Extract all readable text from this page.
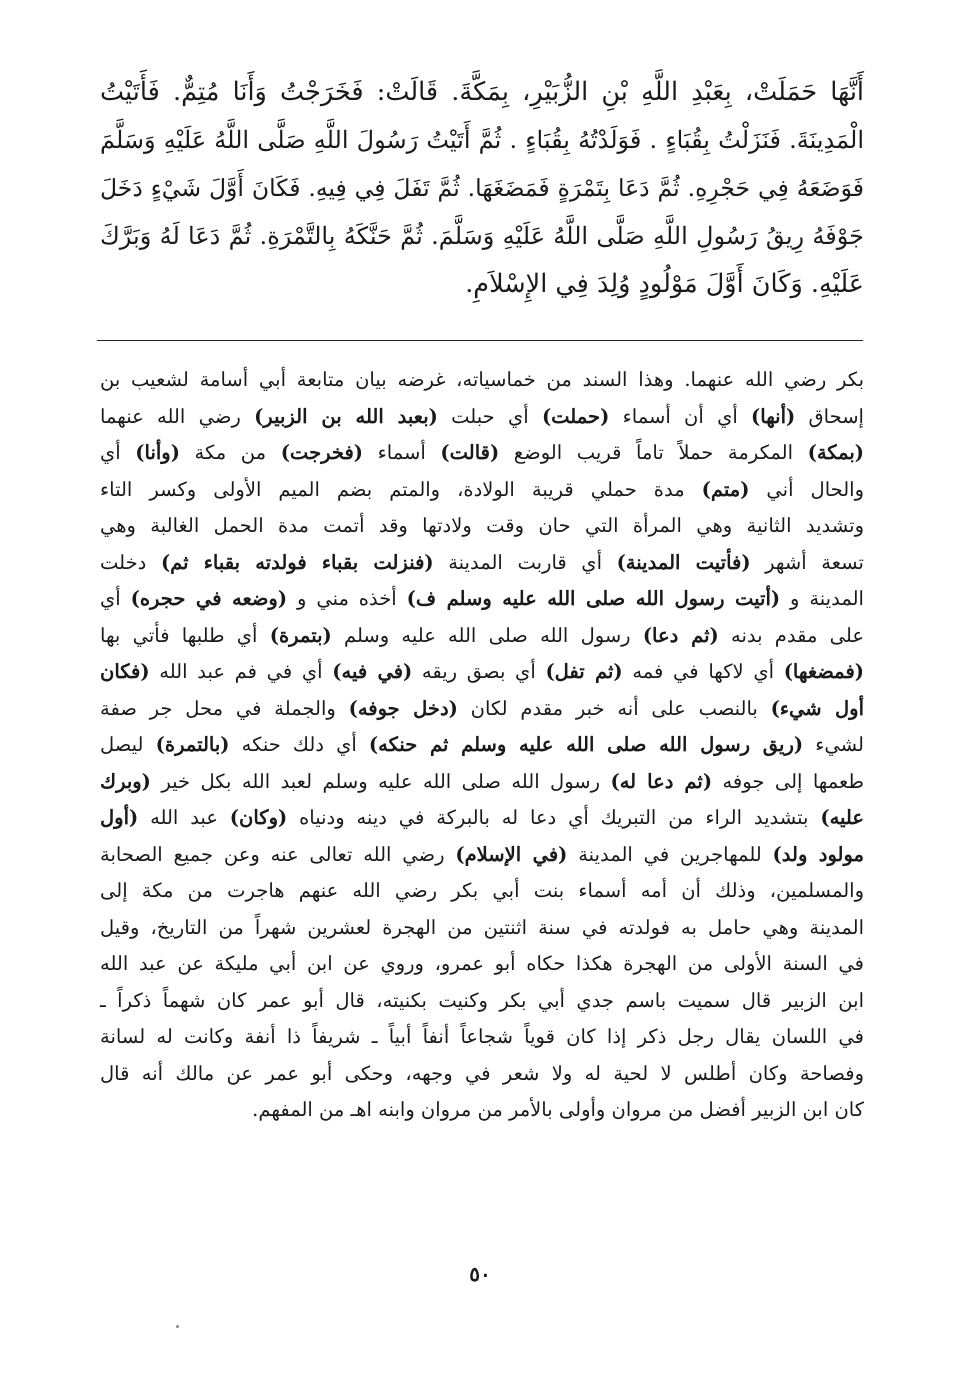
أَنَّهَا حَمَلَتْ، بِعَبْدِ اللَّهِ بْنِ الزُّبَيْرِ، بِمَكَّةَ. قَالَتْ: فَخَرَجْتُ وَأَنَا مُتِمٌّ. فَأَتَيْتُ
الْمَدِينَةَ. فَنَزَلْتُ بِقُبَاءٍ . فَوَلَدْتُهُ بِقُبَاءٍ . ثُمَّ أَتَيْتُ رَسُولَ اللَّهِ صَلَّى اللَّهُ عَلَيْهِ وَسَلَّمَ
فَوَضَعَهُ فِي حَجْرِهِ. ثُمَّ دَعَا بِتَمْرَةٍ فَمَضَغَهَا. ثُمَّ تَفَلَ فِي فِيهِ. فَكَانَ أَوَّلَ شَيْءٍ دَخَلَ
جَوْفَهُ رِيقُ رَسُولِ اللَّهِ صَلَّى اللَّهُ عَلَيْهِ وَسَلَّمَ. ثُمَّ حَنَّكَهُ بِالتَّمْرَةِ. ثُمَّ دَعَا لَهُ وَبَرَّكَ
عَلَيْهِ. وَكَانَ أَوَّلَ مَوْلُودٍ وُلِدَ فِي الإِسْلاَمِ.
بكر رضي الله عنهما. وهذا السند من خماسياته، غرضه بيان متابعة أبي أسامة لشعيب بن
إسحاق (أنها) أي أن أسماء (حملت) أي حبلت (بعبد الله بن الزبير) رضي الله عنهما
(بمكة) المكرمة حملاً تاماً قريب الوضع (قالت) أسماء (فخرجت) من مكة (وأنا) أي
والحال أني (متم) مدة حملي قريبة الولادة، والمتم بضم الميم الأولى وكسر التاء
وتشديد الثانية وهي المرأة التي حان وقت ولادتها وقد أتمت مدة الحمل الغالبة وهي
تسعة أشهر (فأتيت المدينة) أي قاربت المدينة (فنزلت بقباء فولدته بقباء ثم) دخلت
المدينة و (أتيت رسول الله صلى الله عليه وسلم ف) أخذه مني و (وضعه في حجره) أي
على مقدم بدنه (ثم دعا) رسول الله صلى الله عليه وسلم (بتمرة) أي طلبها فأتي بها
(فمضغها) أي لاكها في فمه (ثم تفل) أي بصق ريقه (في فيه) أي في فم عبد الله (فكان
أول شيء) بالنصب على أنه خبر مقدم لكان (دخل جوفه) والجملة في محل جر صفة
لشيء (ريق رسول الله صلى الله عليه وسلم ثم حنكه) أي دلك حنكه (بالتمرة) ليصل
طعمها إلى جوفه (ثم دعا له) رسول الله صلى الله عليه وسلم لعبد الله بكل خير (وبرك
عليه) بتشديد الراء من التبريك أي دعا له بالبركة في دينه ودنياه (وكان) عبد الله (أول
مولود ولد) للمهاجرين في المدينة (في الإسلام) رضي الله تعالى عنه وعن جميع الصحابة
والمسلمين، وذلك أن أمه أسماء بنت أبي بكر رضي الله عنهم هاجرت من مكة إلى
المدينة وهي حامل به فولدته في سنة اثنتين من الهجرة لعشرين شهراً من التاريخ، وقيل
في السنة الأولى من الهجرة هكذا حكاه أبو عمرو، وروي عن ابن أبي مليكة عن عبد الله
ابن الزبير قال سميت باسم جدي أبي بكر وكنيت بكنيته، قال أبو عمر كان شهماً ذكراً ـ
في اللسان يقال رجل ذكر إذا كان قوياً شجاعاً أنفاً أبياً ـ شريفاً ذا أنفة وكانت له لسانة
وفصاحة وكان أطلس لا لحية له ولا شعر في وجهه، وحكى أبو عمر عن مالك أنه قال
كان ابن الزبير أفضل من مروان وأولى بالأمر من مروان وابنه اهـ من المفهم.
٥٠
